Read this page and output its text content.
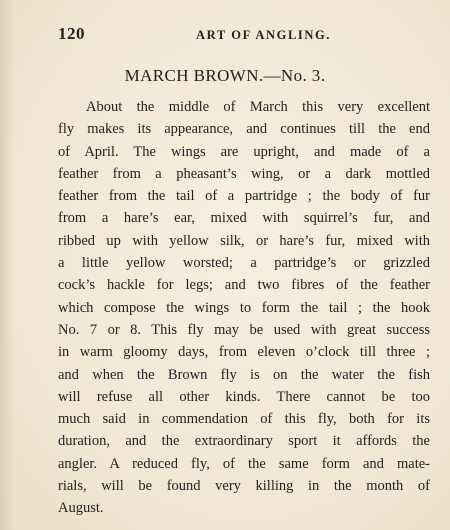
120	ART OF ANGLING.
MARCH BROWN.—No. 3.
About the middle of March this very excellent
fly makes its appearance, and continues till the end
of April. The wings are upright, and made of a
feather from a pheasant’s wing, or a dark mottled
feather from the tail of a partridge ; the body of fur
from a hare’s ear, mixed with squirrel’s fur, and
ribbed up with yellow silk, or hare’s fur, mixed with
a little yellow worsted; a partridge’s or grizzled
cock’s hackle for legs; and two fibres of the feather
which compose the wings to form the tail ; the hook
No. 7 or 8. This fly may be used with great success
in warm gloomy days, from eleven o’clock till three ;
and when the Brown fly is on the water the fish
will refuse all other kinds. There cannot be too
much said in commendation of this fly, both for its
duration, and the extraordinary sport it affords the
angler. A reduced fly, of the same form and mate-
rials, will be found very killing in the month of
August.
